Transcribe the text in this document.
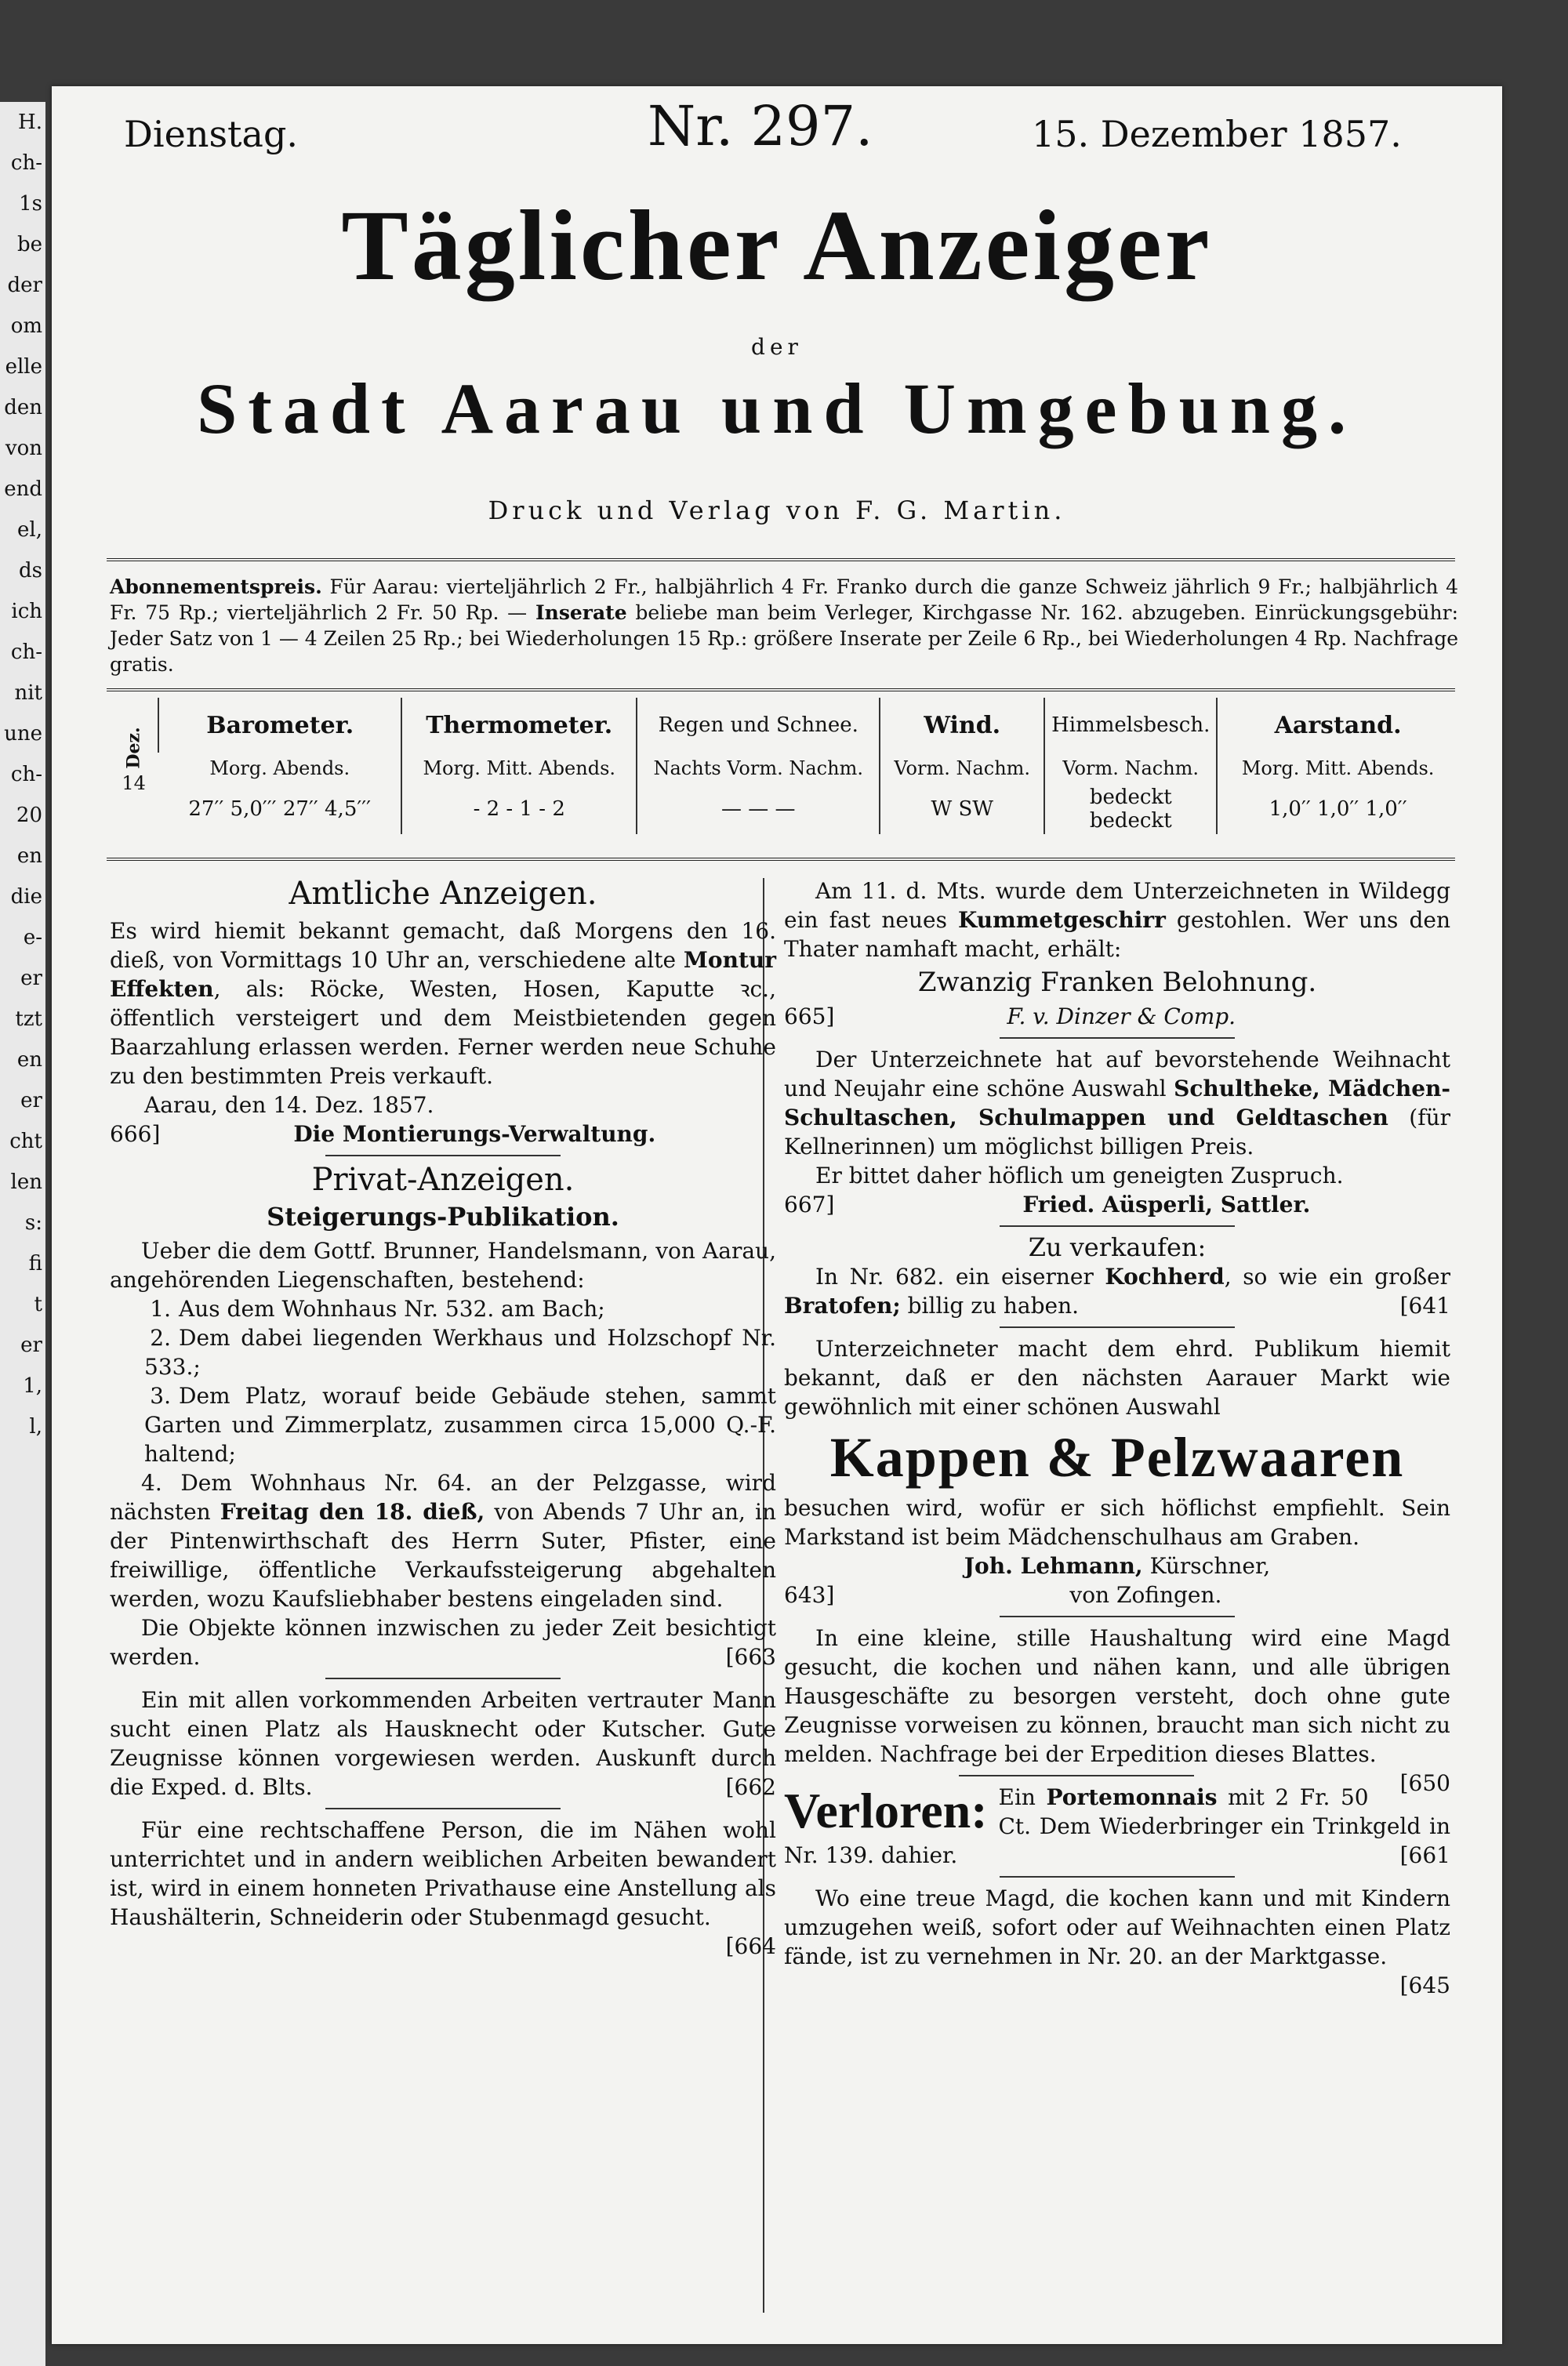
H.
ch-
1s
be
der
om
elle
den
von
end
el,
ds
ich
ch-
nit
une
ch-
20
en
die
e-
er
tzt
en
er
cht
len
s:
fi
t
er
1,
l,
Dienstag.	Nr. 297.	15. Dezember 1857.
Täglicher Anzeiger
der
Stadt Aarau und Umgebung.
Druck und Verlag von F. G. Martin.
Abonnementspreis. Für Aarau: vierteljährlich 2 Fr., halbjährlich 4 Fr. Franko durch die ganze Schweiz jährlich 9 Fr.; halbjährlich 4 Fr. 75 Rp.; vierteljährlich 2 Fr. 50 Rp. — Inserate beliebe man beim Verleger, Kirchgasse Nr. 162. abzugeben. Einrückungsgebühr: Jeder Satz von 1 — 4 Zeilen 25 Rp.; bei Wiederholungen 15 Rp.: größere Inserate per Zeile 6 Rp., bei Wiederholungen 4 Rp. Nachfrage gratis.
Dez.
14	Barometer.	Thermometer.	Regen und Schnee.	Wind.	Himmelsbesch.	Aarstand.
	Morg. Abends.	Morg. Mitt. Abends.	Nachts Vorm. Nachm.	Vorm. Nachm.	Vorm. Nachm.	Morg. Mitt. Abends.
	27′′ 5,0′′′ 27′′ 4,5′′′	- 2 - 1 - 2	— — —	W SW	bedeckt bedeckt	1,0′′ 1,0′′ 1,0′′

Amtliche Anzeigen.

Es wird hiemit bekannt gemacht, daß Morgens den 16. dieß, von Vormittags 10 Uhr an, verschiedene alte Montur Effekten, als: Röcke, Westen, Hosen, Kaputte ꝛc., öffentlich versteigert und dem Meistbietenden gegen Baarzahlung erlassen werden. Ferner werden neue Schuhe zu den bestimmten Preis verkauft.

Aarau, den 14. Dez. 1857.

666]	Die Montierungs-Verwaltung.

Privat-Anzeigen.

Steigerungs-Publikation.

Ueber die dem Gottf. Brunner, Handelsmann, von Aarau, angehörenden Liegenschaften, bestehend:

1. Aus dem Wohnhaus Nr. 532. am Bach;

2. Dem dabei liegenden Werkhaus und Holzschopf Nr. 533.;

3. Dem Platz, worauf beide Gebäude stehen, sammt Garten und Zimmerplatz, zusammen circa 15,000 Q.-F. haltend;

4. Dem Wohnhaus Nr. 64. an der Pelzgasse, wird nächsten Freitag den 18. dieß, von Abends 7 Uhr an, in der Pintenwirthschaft des Herrn Suter, Pfister, eine freiwillige, öffentliche Verkaufssteigerung abgehalten werden, wozu Kaufsliebhaber bestens eingeladen sind.

Die Objekte können inzwischen zu jeder Zeit besichtigt werden.	[663

Ein mit allen vorkommenden Arbeiten vertrauter Mann sucht einen Platz als Hausknecht oder Kutscher. Gute Zeugnisse können vorgewiesen werden. Auskunft durch die Exped. d. Blts.	[662

Für eine rechtschaffene Person, die im Nähen wohl unterrichtet und in andern weiblichen Arbeiten bewandert ist, wird in einem honneten Privathause eine Anstellung als Haushälterin, Schneiderin oder Stubenmagd gesucht.
[664

Am 11. d. Mts. wurde dem Unterzeichneten in Wildegg ein fast neues Kummetgeschirr gestohlen. Wer uns den Thater namhaft macht, erhält:

Zwanzig Franken Belohnung.

665]	F. v. Dinzer & Comp.

Der Unterzeichnete hat auf bevorstehende Weihnacht und Neujahr eine schöne Auswahl Schultheke, Mädchen-Schultaschen, Schulmappen und Geldtaschen (für Kellnerinnen) um möglichst billigen Preis.

Er bittet daher höflich um geneigten Zuspruch.

667]	Fried. Aüsperli, Sattler.

Zu verkaufen:

In Nr. 682. ein eiserner Kochherd, so wie ein großer Bratofen; billig zu haben.	[641

Unterzeichneter macht dem ehrd. Publikum hiemit bekannt, daß er den nächsten Aarauer Markt wie gewöhnlich mit einer schönen Auswahl

Kappen & Pelzwaaren

besuchen wird, wofür er sich höflichst empfiehlt. Sein Markstand ist beim Mädchenschulhaus am Graben.

Joh. Lehmann, Kürschner,

643]	von Zofingen.

In eine kleine, stille Haushaltung wird eine Magd gesucht, die kochen und nähen kann, und alle übrigen Hausgeschäfte zu besorgen versteht, doch ohne gute Zeugnisse vorweisen zu können, braucht man sich nicht zu melden. Nachfrage bei der Erpedition dieses Blattes.
[650

Verloren: Ein Portemonnais mit 2 Fr. 50 Ct. Dem Wiederbringer ein Trinkgeld in Nr. 139. dahier.	[661

Wo eine treue Magd, die kochen kann und mit Kindern umzugehen weiß, sofort oder auf Weihnachten einen Platz fände, ist zu vernehmen in Nr. 20. an der Marktgasse.
[645
